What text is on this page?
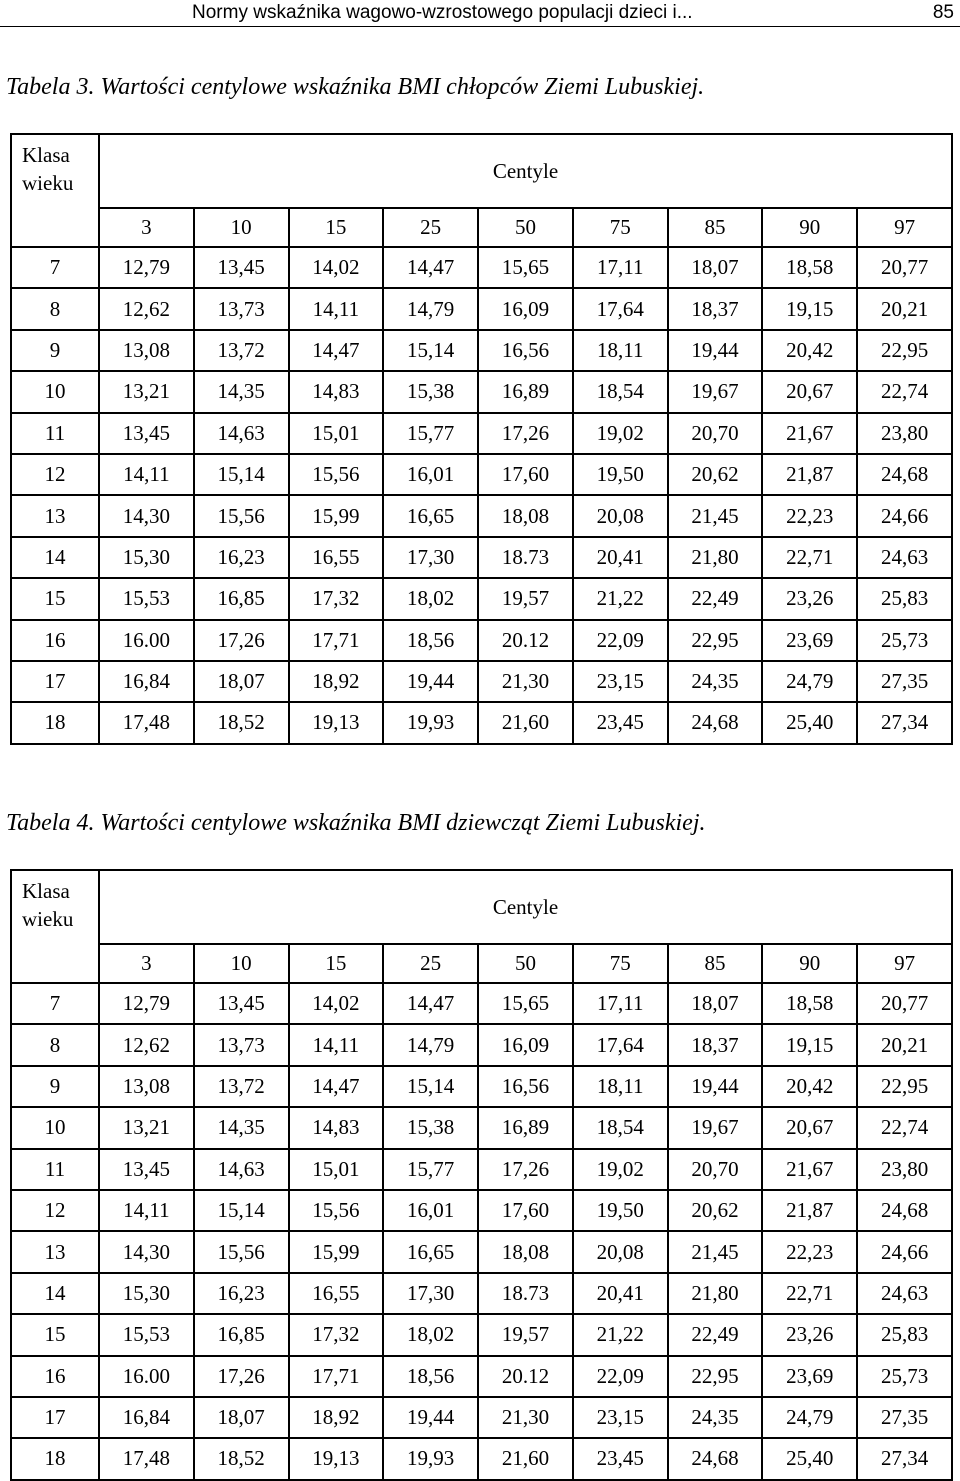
Normy wskaźnika wagowo-wzrostowego populacji dzieci i...	85
Tabela 3. Wartości centylowe wskaźnika BMI chłopców Ziemi Lubuskiej.
Klasa
wieku	Centyle								
	3	10	15	25	50	75	85	90	97
7	12,79	13,45	14,02	14,47	15,65	17,11	18,07	18,58	20,77
8	12,62	13,73	14,11	14,79	16,09	17,64	18,37	19,15	20,21
9	13,08	13,72	14,47	15,14	16,56	18,11	19,44	20,42	22,95
10	13,21	14,35	14,83	15,38	16,89	18,54	19,67	20,67	22,74
11	13,45	14,63	15,01	15,77	17,26	19,02	20,70	21,67	23,80
12	14,11	15,14	15,56	16,01	17,60	19,50	20,62	21,87	24,68
13	14,30	15,56	15,99	16,65	18,08	20,08	21,45	22,23	24,66
14	15,30	16,23	16,55	17,30	18.73	20,41	21,80	22,71	24,63
15	15,53	16,85	17,32	18,02	19,57	21,22	22,49	23,26	25,83
16	16.00	17,26	17,71	18,56	20.12	22,09	22,95	23,69	25,73
17	16,84	18,07	18,92	19,44	21,30	23,15	24,35	24,79	27,35
18	17,48	18,52	19,13	19,93	21,60	23,45	24,68	25,40	27,34
Tabela 4. Wartości centylowe wskaźnika BMI dziewcząt Ziemi Lubuskiej.
Klasa
wieku	Centyle								
	3	10	15	25	50	75	85	90	97
7	12,79	13,45	14,02	14,47	15,65	17,11	18,07	18,58	20,77
8	12,62	13,73	14,11	14,79	16,09	17,64	18,37	19,15	20,21
9	13,08	13,72	14,47	15,14	16,56	18,11	19,44	20,42	22,95
10	13,21	14,35	14,83	15,38	16,89	18,54	19,67	20,67	22,74
11	13,45	14,63	15,01	15,77	17,26	19,02	20,70	21,67	23,80
12	14,11	15,14	15,56	16,01	17,60	19,50	20,62	21,87	24,68
13	14,30	15,56	15,99	16,65	18,08	20,08	21,45	22,23	24,66
14	15,30	16,23	16,55	17,30	18.73	20,41	21,80	22,71	24,63
15	15,53	16,85	17,32	18,02	19,57	21,22	22,49	23,26	25,83
16	16.00	17,26	17,71	18,56	20.12	22,09	22,95	23,69	25,73
17	16,84	18,07	18,92	19,44	21,30	23,15	24,35	24,79	27,35
18	17,48	18,52	19,13	19,93	21,60	23,45	24,68	25,40	27,34
